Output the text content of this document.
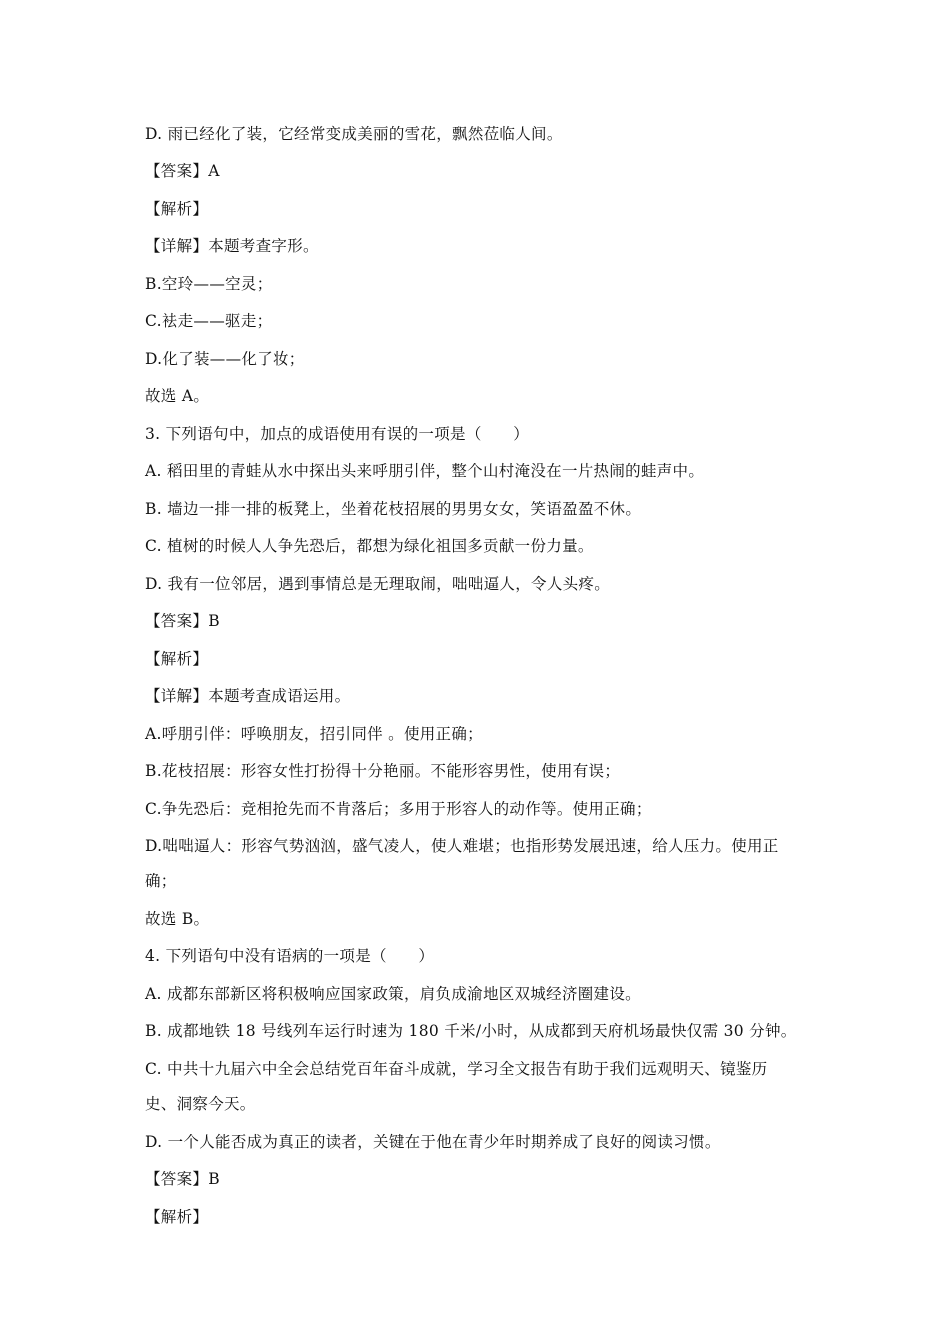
D. 雨已经化了装，它经常变成美丽的雪花，飘然莅临人间。
【答案】A
【解析】
【详解】本题考查字形。
B.空玲——空灵；
C.袪走——驱走；
D.化了装——化了妆；
故选 A。
3. 下列语句中，加点的成语使用有误的一项是（　　）
A. 稻田里的青蛙从水中探出头来呼朋引伴，整个山村淹没在一片热闹的蛙声中。
B. 墙边一排一排的板凳上，坐着花枝招展的男男女女，笑语盈盈不休。
C. 植树的时候人人争先恐后，都想为绿化祖国多贡献一份力量。
D. 我有一位邻居，遇到事情总是无理取闹，咄咄逼人，令人头疼。
【答案】B
【解析】
【详解】本题考查成语运用。
A.呼朋引伴：呼唤朋友，招引同伴 。使用正确；
B.花枝招展：形容女性打扮得十分艳丽。不能形容男性，使用有误；
C.争先恐后：竞相抢先而不肯落后；多用于形容人的动作等。使用正确；
D.咄咄逼人：形容气势汹汹，盛气凌人，使人难堪；也指形势发展迅速，给人压力。使用正
确；
故选 B。
4. 下列语句中没有语病的一项是（　　）
A. 成都东部新区将积极响应国家政策，肩负成渝地区双城经济圈建设。
B. 成都地铁 18 号线列车运行时速为 180 千米/小时，从成都到天府机场最快仅需 30 分钟。
C. 中共十九届六中全会总结党百年奋斗成就，学习全文报告有助于我们远观明天、镜鉴历
史、洞察今天。
D. 一个人能否成为真正的读者，关键在于他在青少年时期养成了良好的阅读习惯。
【答案】B
【解析】
